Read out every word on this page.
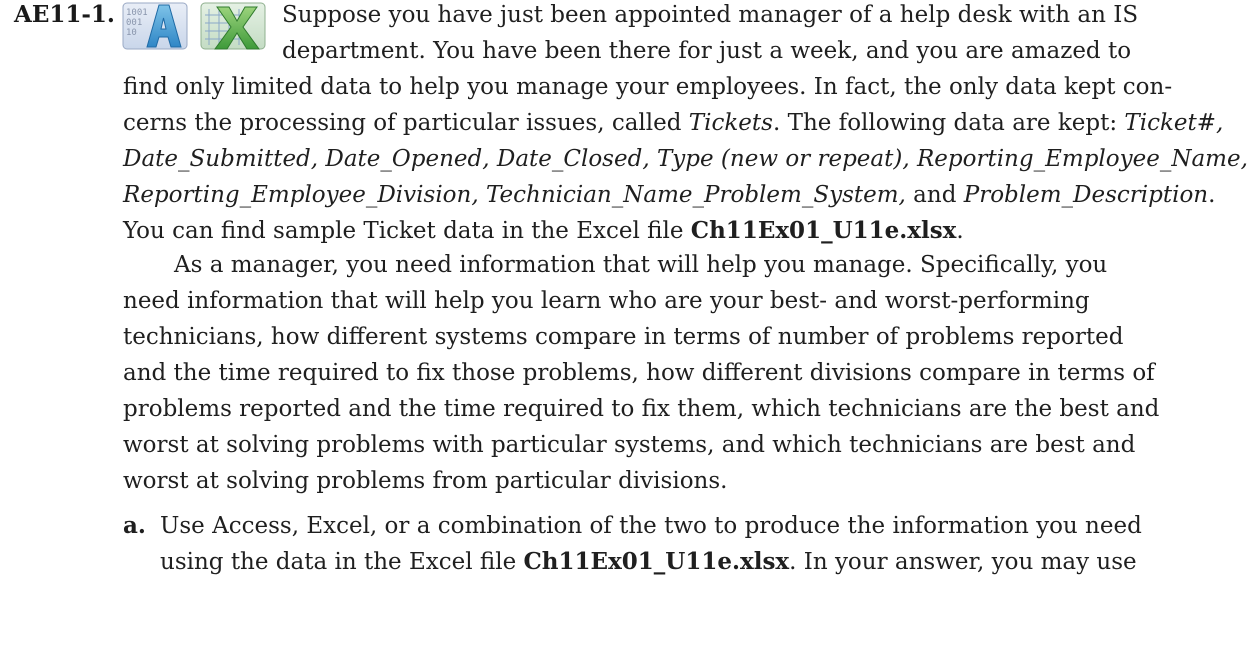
AE11-1. 1001
001
10
Suppose you have just been appointed manager of a help desk with an IS
department. You have been there for just a week, and you are amazed to
find only limited data to help you manage your employees. In fact, the only data kept con-
cerns the processing of particular issues, called Tickets. The following data are kept: Ticket#,
Date_Submitted, Date_Opened, Date_Closed, Type (new or repeat), Reporting_Employee_Name,
Reporting_Employee_Division, Technician_Name_Problem_System, and Problem_Description.
You can find sample Ticket data in the Excel file Ch11Ex01_U11e.xlsx.
As a manager, you need information that will help you manage. Specifically, you
need information that will help you learn who are your best- and worst-performing
technicians, how different systems compare in terms of number of problems reported
and the time required to fix those problems, how different divisions compare in terms of
problems reported and the time required to fix them, which technicians are the best and
worst at solving problems with particular systems, and which technicians are best and
worst at solving problems from particular divisions.
a. Use Access, Excel, or a combination of the two to produce the information you need
using the data in the Excel file Ch11Ex01_U11e.xlsx. In your answer, you may use
